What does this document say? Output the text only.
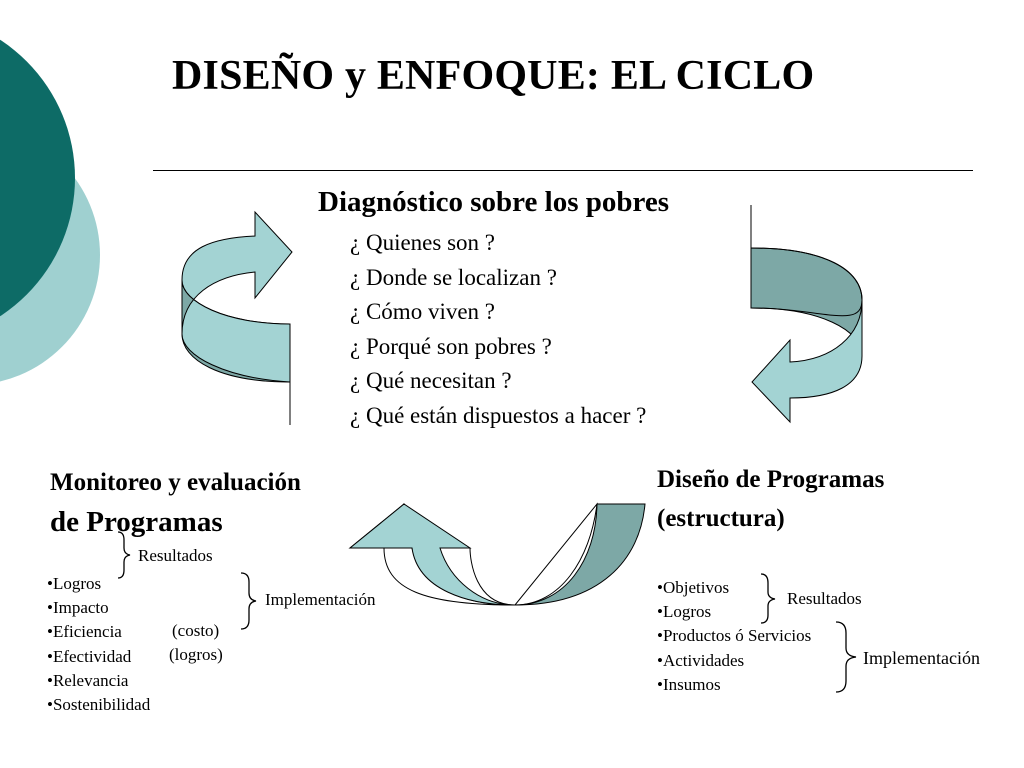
DISEÑO y ENFOQUE: EL CICLO
Diagnóstico sobre los pobres
¿ Quienes son ?
¿ Donde se localizan ?
¿ Cómo viven ?
¿ Porqué son pobres ?
¿ Qué necesitan ?
¿ Qué están dispuestos a hacer ?
Monitoreo y evaluación
de Programas
Resultados
• Logros
• Impacto
• Eficiencia
• Efectividad
• Relevancia
• Sostenibilidad
(costo)
(logros)
Implementación
Diseño de Programas
(estructura)
• Objetivos
• Logros
• Productos ó Servicios
• Actividades
• Insumos
Resultados
Implementación
